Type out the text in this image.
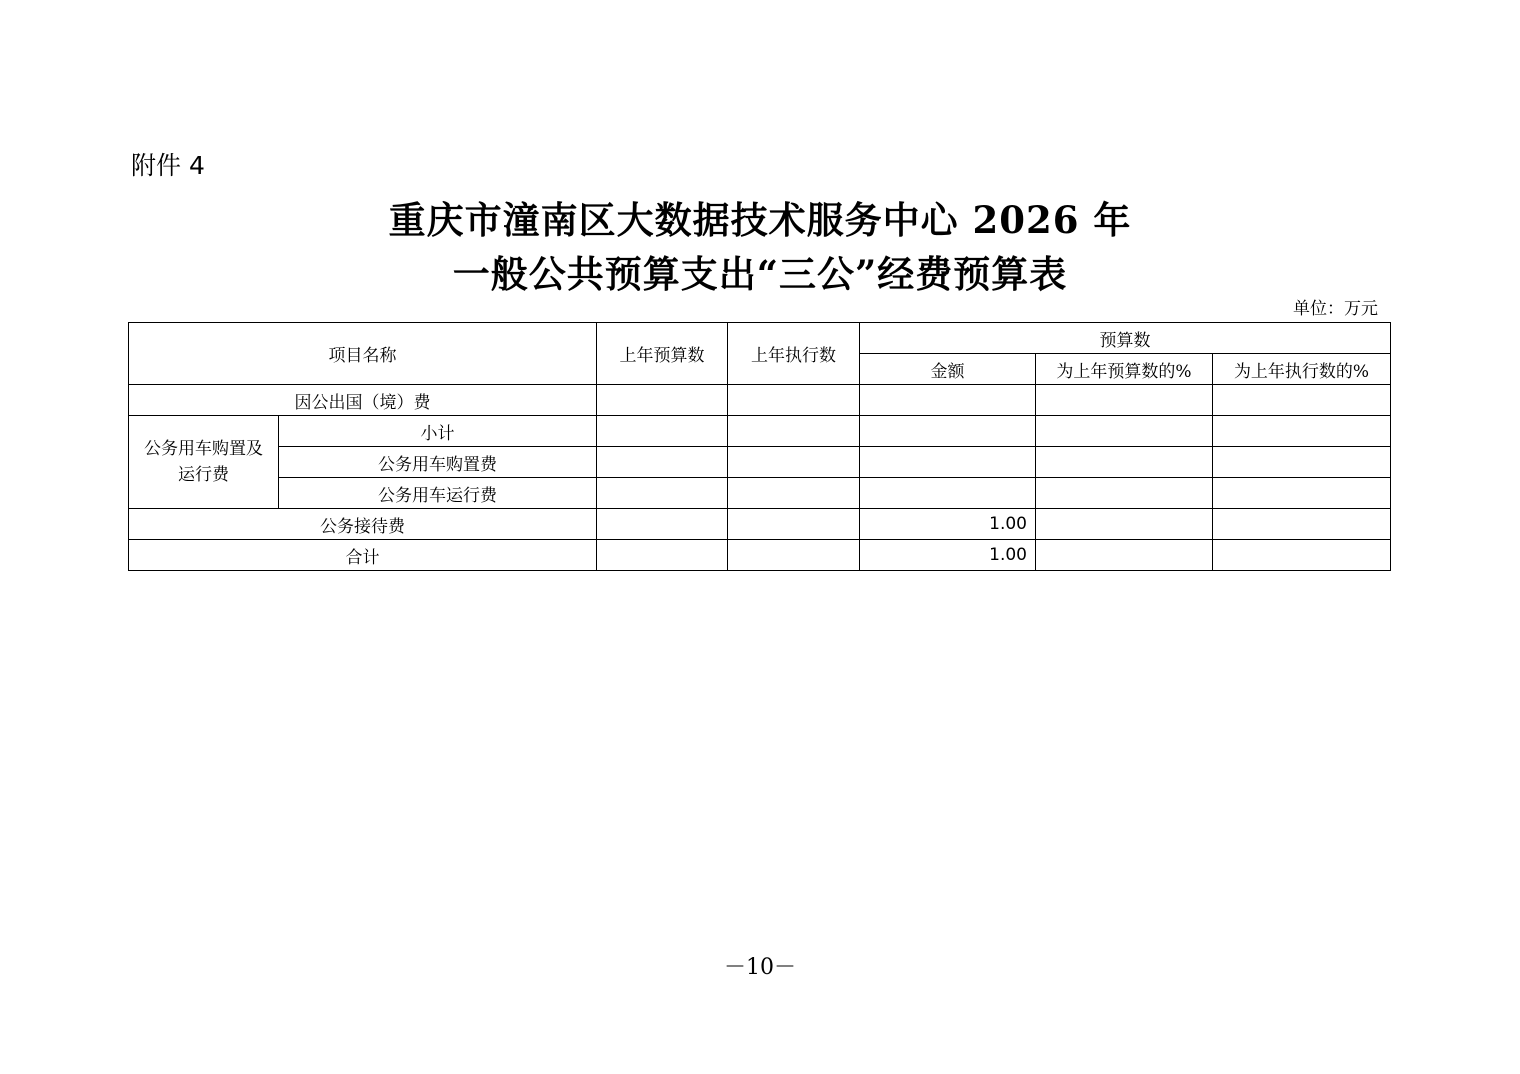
附件 4
重庆市潼南区大数据技术服务中心 2026 年
一般公共预算支出“三公”经费预算表
单位：万元
项目名称		上年预算数	上年执行数	预算数		
				金额	为上年预算数的%	为上年执行数的%
因公出国（境）费						
公务用车购置及运行费	小计					
	公务用车购置费					
	公务用车运行费					
公务接待费				1.00		
合计				1.00		
－10－
